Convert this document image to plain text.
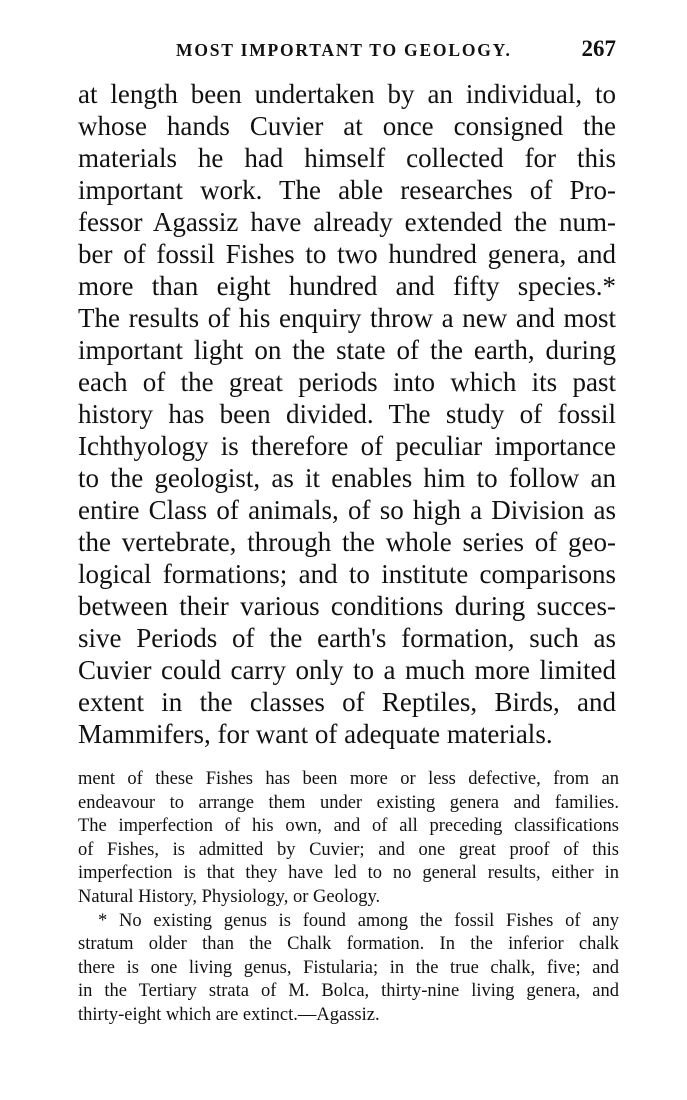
MOST IMPORTANT TO GEOLOGY.	267
at length been undertaken by an individual, to
whose hands Cuvier at once consigned the
materials he had himself collected for this
important work. The able researches of Pro-
fessor Agassiz have already extended the num-
ber of fossil Fishes to two hundred genera, and
more than eight hundred and fifty species.*
The results of his enquiry throw a new and most
important light on the state of the earth, during
each of the great periods into which its past
history has been divided. The study of fossil
Ichthyology is therefore of peculiar importance
to the geologist, as it enables him to follow an
entire Class of animals, of so high a Division as
the vertebrate, through the whole series of geo-
logical formations; and to institute comparisons
between their various conditions during succes-
sive Periods of the earth's formation, such as
Cuvier could carry only to a much more limited
extent in the classes of Reptiles, Birds, and
Mammifers, for want of adequate materials.
ment of these Fishes has been more or less defective, from an
endeavour to arrange them under existing genera and families.
The imperfection of his own, and of all preceding classifications
of Fishes, is admitted by Cuvier; and one great proof of this
imperfection is that they have led to no general results, either in
Natural History, Physiology, or Geology.
* No existing genus is found among the fossil Fishes of any
stratum older than the Chalk formation. In the inferior chalk
there is one living genus, Fistularia; in the true chalk, five; and
in the Tertiary strata of M. Bolca, thirty-nine living genera, and
thirty-eight which are extinct.—Agassiz.
